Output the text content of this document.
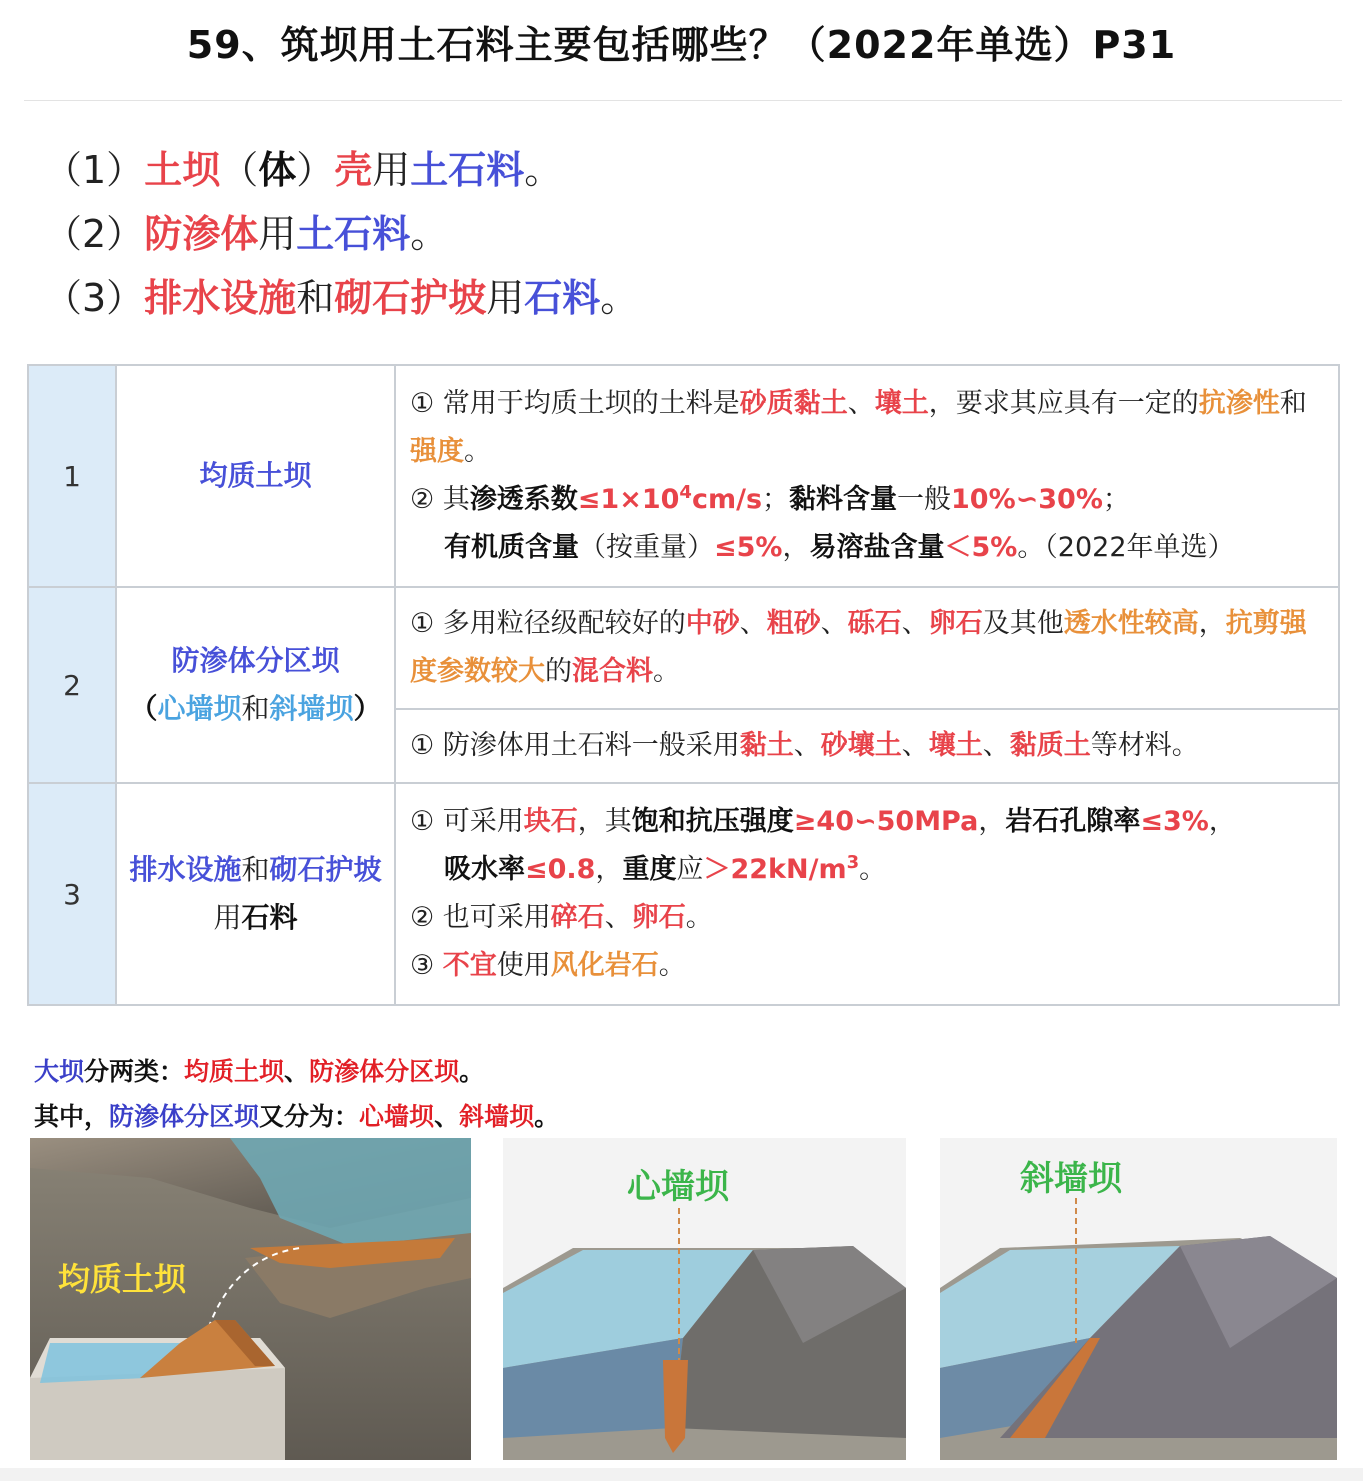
59、筑坝用土石料主要包括哪些？（2022年单选）P31
（1）土坝（体）壳用土石料。
（2）防渗体用土石料。
（3）排水设施和砌石护坡用石料。
1	均质土坝	① 常用于均质土坝的土料是砂质黏土、壤土，要求其应具有一定的抗渗性和强度。
② 其渗透系数$\le 1\times 10^4cm/s$；黏料含量一般10%∽30%；
有机质含量（按重量）≤5%，易溶盐含量＜5%。（2022年单选）

2	防渗体分区坝
（心墙坝和斜墙坝）	① 多用粒径级配较好的中砂、粗砂、砾石、卵石及其他透水性较高，抗剪强度参数较大的混合料。

		① 防渗体用土石料一般采用黏土、砂壤土、壤土、黏质土等材料。

3	排水设施和砌石护坡用石料	① 可采用块石，其饱和抗压强度≥40∽50MPa，岩石孔隙率≤3%，
吸水率≤0.8，重度应$>22kN/m^3$。
② 也可采用碎石、卵石。
③ 不宜使用风化岩石。
大坝分两类：均质土坝、防渗体分区坝。
其中，防渗体分区坝又分为：心墙坝、斜墙坝。
均质土坝
心墙坝	斜墙坝
